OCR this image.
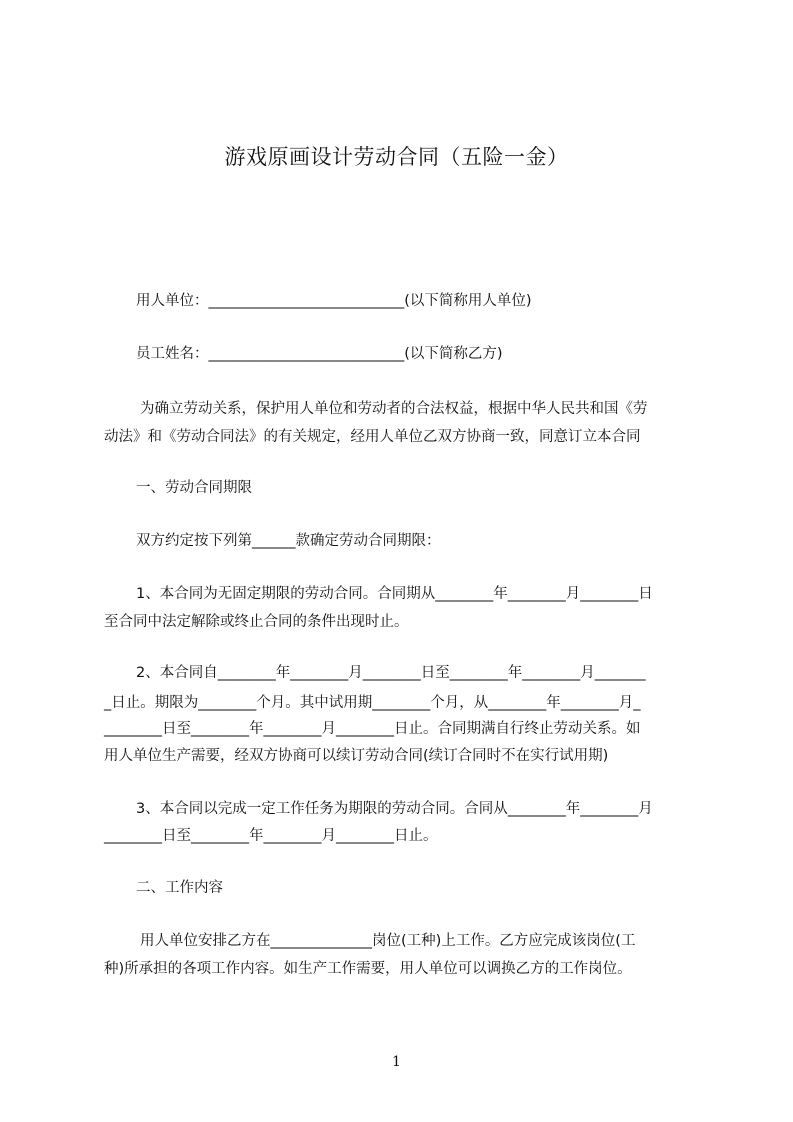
游戏原画设计劳动合同（五险一金）
用人单位：___________________________(以下简称用人单位)
员工姓名：___________________________(以下简称乙方)
为确立劳动关系，保护用人单位和劳动者的合法权益，根据中华人民共和国《劳
动法》和《劳动合同法》的有关规定，经用人单位乙双方协商一致，同意订立本合同
一、劳动合同期限
双方约定按下列第______款确定劳动合同期限：
1、本合同为无固定期限的劳动合同。合同期从________年________月________日
至合同中法定解除或终止合同的条件出现时止。
2、本合同自________年________月________日至________年________月_______
_日止。期限为________个月。其中试用期________个月，从________年________月_
________日至________年________月________日止。合同期满自行终止劳动关系。如
用人单位生产需要，经双方协商可以续订劳动合同(续订合同时不在实行试用期)
3、本合同以完成一定工作任务为期限的劳动合同。合同从________年________月
________日至________年________月________日止。
二、工作内容
用人单位安排乙方在______________岗位(工种)上工作。乙方应完成该岗位(工
种)所承担的各项工作内容。如生产工作需要，用人单位可以调换乙方的工作岗位。
1
